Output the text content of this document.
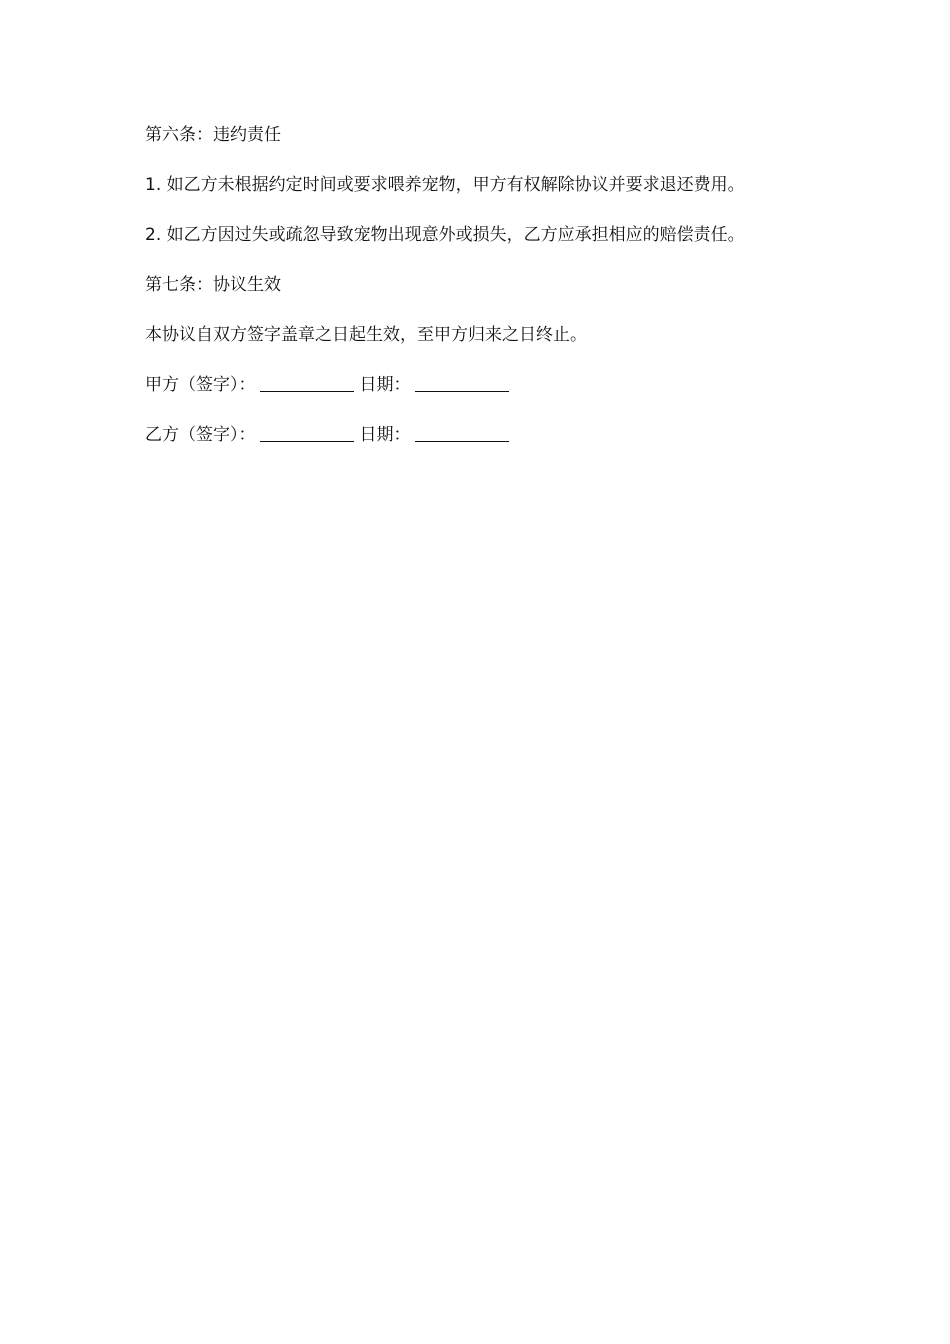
第六条：违约责任
1. 如乙方未根据约定时间或要求喂养宠物，甲方有权解除协议并要求退还费用。
2. 如乙方因过失或疏忽导致宠物出现意外或损失，乙方应承担相应的赔偿责任。
第七条：协议生效
本协议自双方签字盖章之日起生效，至甲方归来之日终止。
甲方（签字）：	日期：
乙方（签字）：	日期：
